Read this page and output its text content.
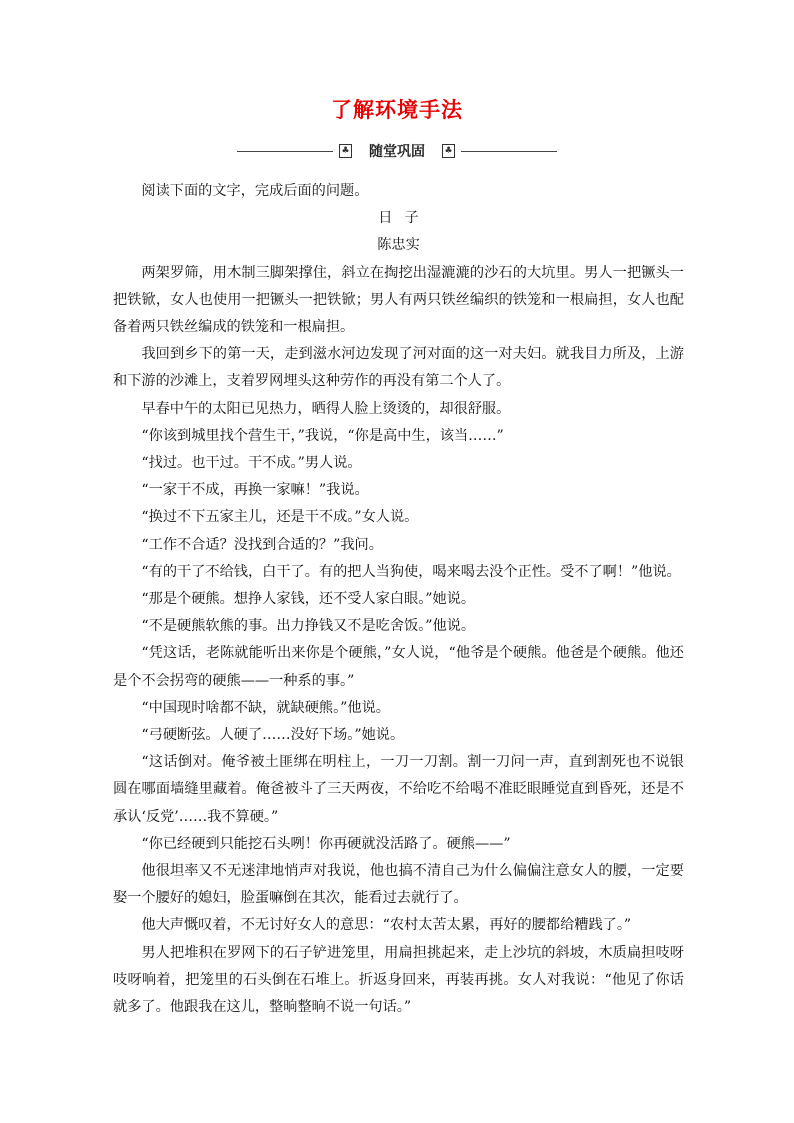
了解环境手法
♣	随堂巩固	♣

阅读下面的文字，完成后面的问题。

日子

陈忠实

两架罗筛，用木制三脚架撑住，斜立在掏挖出湿漉漉的沙石的大坑里。男人一把镢头一把铁锨，女人也使用一把镢头一把铁锨；男人有两只铁丝编织的铁笼和一根扁担，女人也配备着两只铁丝编成的铁笼和一根扁担。

我回到乡下的第一天，走到滋水河边发现了河对面的这一对夫妇。就我目力所及，上游和下游的沙滩上，支着罗网埋头这种劳作的再没有第二个人了。

早春中午的太阳已见热力，晒得人脸上烫烫的，却很舒服。

“你该到城里找个营生干，”我说，“你是高中生，该当……”

“找过。也干过。干不成。”男人说。

“一家干不成，再换一家嘛！”我说。

“换过不下五家主儿，还是干不成。”女人说。

“工作不合适？没找到合适的？”我问。

“有的干了不给钱，白干了。有的把人当狗使，喝来喝去没个正性。受不了啊！”他说。

“那是个硬熊。想挣人家钱，还不受人家白眼。”她说。

“不是硬熊软熊的事。出力挣钱又不是吃舍饭。”他说。

“凭这话，老陈就能听出来你是个硬熊，”女人说，“他爷是个硬熊。他爸是个硬熊。他还是个不会拐弯的硬熊——一种系的事。”

“中国现时啥都不缺，就缺硬熊。”他说。

“弓硬断弦。人硬了……没好下场。”她说。

“这话倒对。俺爷被土匪绑在明柱上，一刀一刀割。割一刀问一声，直到割死也不说银圆在哪面墙缝里藏着。俺爸被斗了三天两夜，不给吃不给喝不准眨眼睡觉直到昏死，还是不承认‘反党’……我不算硬。”

“你已经硬到只能挖石头咧！你再硬就没活路了。硬熊——”

他很坦率又不无迷津地悄声对我说，他也搞不清自己为什么偏偏注意女人的腰，一定要娶一个腰好的媳妇，脸蛋嘛倒在其次，能看过去就行了。

他大声慨叹着，不无讨好女人的意思：“农村太苦太累，再好的腰都给糟践了。”

男人把堆积在罗网下的石子铲进笼里，用扁担挑起来，走上沙坑的斜坡，木质扁担吱呀吱呀响着，把笼里的石头倒在石堆上。折返身回来，再装再挑。女人对我说：“他见了你话就多了。他跟我在这儿，整晌整晌不说一句话。”
